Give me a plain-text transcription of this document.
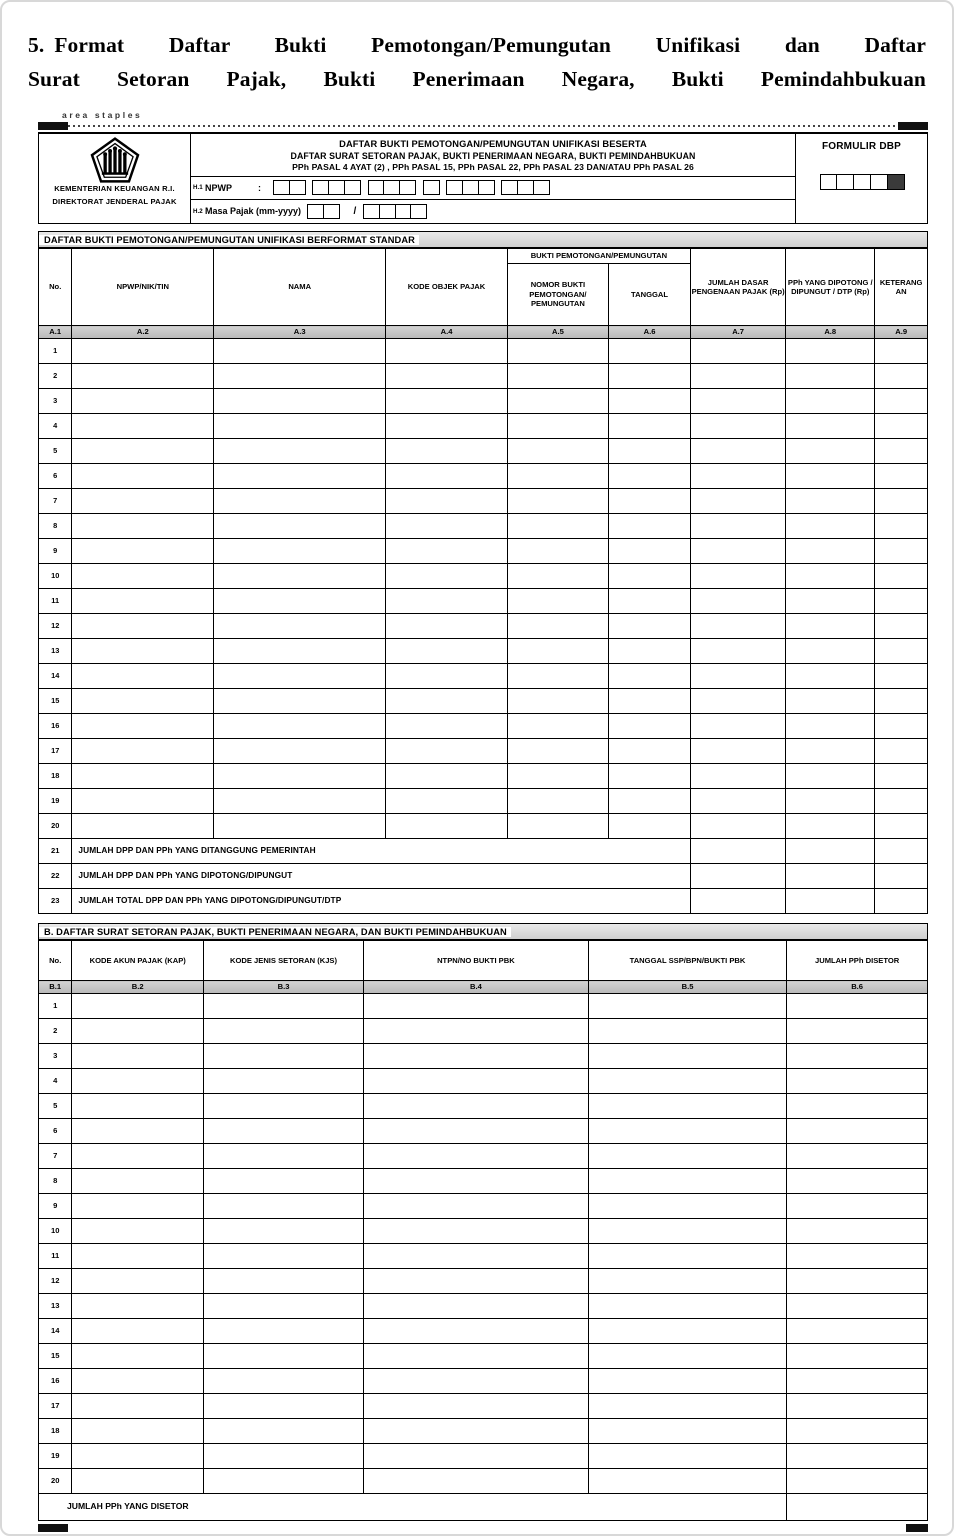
5. Format Daftar Bukti Pemotongan/Pemungutan Unifikasi dan Daftar
Surat Setoran Pajak, Bukti Penerimaan Negara, Bukti Pemindahbukuan
area staples
KEMENTERIAN KEUANGAN R.I.
DIREKTORAT JENDERAL PAJAK
DAFTAR BUKTI PEMOTONGAN/PEMUNGUTAN UNIFIKASI BESERTA
DAFTAR SURAT SETORAN PAJAK, BUKTI PENERIMAAN NEGARA, BUKTI PEMINDAHBUKUAN
PPh PASAL 4 AYAT (2) , PPh PASAL 15, PPh PASAL 22, PPh PASAL 23 DAN/ATAU PPh PASAL 26
H.1 NPWP	:
H.2 Masa Pajak (mm-yyyy)	/
FORMULIR DBP
DAFTAR BUKTI PEMOTONGAN/PEMUNGUTAN UNIFIKASI BERFORMAT STANDAR
No.	NPWP/NIK/TIN	NAMA	KODE OBJEK PAJAK	BUKTI PEMOTONGAN/PEMUNGUTAN		JUMLAH DASAR PENGENAAN PAJAK (Rp)	PPh YANG DIPOTONG / DIPUNGUT / DTP (Rp)	KETERANG AN
				NOMOR BUKTI PEMOTONGAN/ PEMUNGUTAN	TANGGAL			
A.1	A.2	A.3	A.4	A.5	A.6	A.7	A.8	A.9
1								
2								
3								
4								
5								
6								
7								
8								
9								
10								
11								
12								
13								
14								
15								
16								
17								
18								
19								
20								
21	JUMLAH DPP DAN PPh YANG DITANGGUNG PEMERINTAH							
22	JUMLAH DPP DAN PPh YANG DIPOTONG/DIPUNGUT							
23	JUMLAH TOTAL DPP DAN PPh YANG DIPOTONG/DIPUNGUT/DTP							
B. DAFTAR SURAT SETORAN PAJAK, BUKTI PENERIMAAN NEGARA, DAN BUKTI PEMINDAHBUKUAN
No.	KODE AKUN PAJAK (KAP)	KODE JENIS SETORAN (KJS)	NTPN/NO BUKTI PBK	TANGGAL SSP/BPN/BUKTI PBK	JUMLAH PPh DISETOR
B.1	B.2	B.3	B.4	B.5	B.6
1					
2					
3					
4					
5					
6					
7					
8					
9					
10					
11					
12					
13					
14					
15					
16					
17					
18					
19					
20					
JUMLAH PPh YANG DISETOR					
